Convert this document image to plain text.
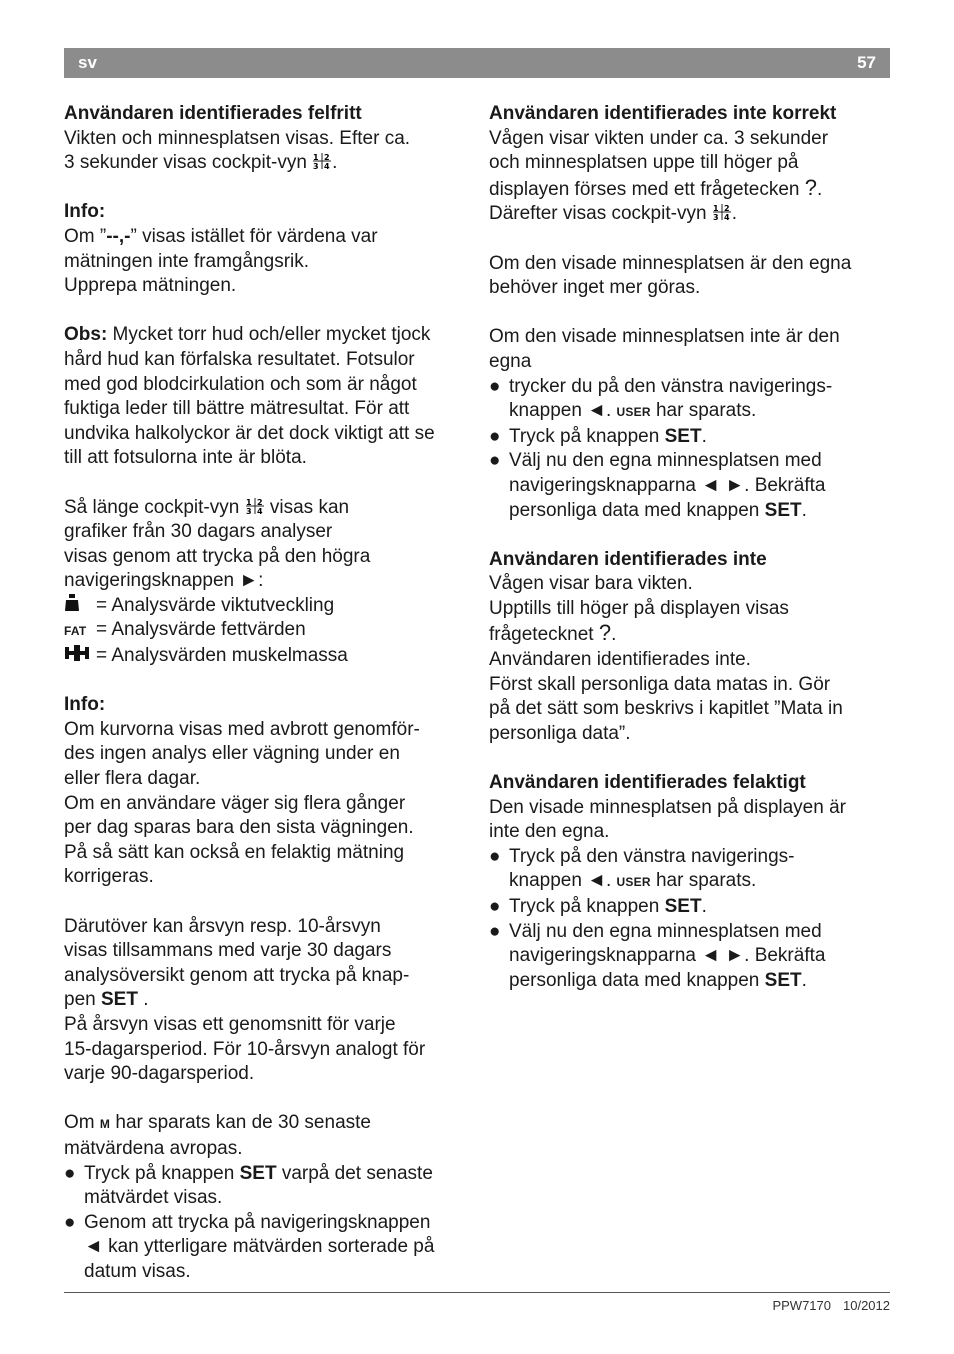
sv	57

Användaren identifierades felfritt

Vikten och minnesplatsen visas. Efter ca.

3 sekunder visas cockpit-vyn 1 2
3 4 .

Info:

Om ”--,-” visas istället för värdena var

mätningen inte framgångsrik.

Upprepa mätningen.

Obs: Mycket torr hud och/eller mycket tjock

hård hud kan förfalska resultatet. Fotsulor

med god blodcirkulation och som är något

fuktiga leder till bättre mätresultat. För att

undvika halkolyckor är det dock viktigt att se

till att fotsulorna inte är blöta.

Så länge cockpit-vyn 1 2
3 4 visas kan

grafiker från 30 dagars analyser

visas genom att trycka på den högra

navigeringsknappen ►:

= Analysvärde viktutveckling

FAT = Analysvärde fettvärden

= Analysvärden muskelmassa

Info:

Om kurvorna visas med avbrott genomför-

des ingen analys eller vägning under en

eller flera dagar.

Om en användare väger sig flera gånger

per dag sparas bara den sista vägningen.

På så sätt kan också en felaktig mätning

korrigeras.

Därutöver kan årsvyn resp. 10-årsvyn

visas tillsammans med varje 30 dagars

analysöversikt genom att trycka på knap-

pen SET .

På årsvyn visas ett genomsnitt för varje

15-dagarsperiod. För 10-årsvyn analogt för

varje 90-dagarsperiod.

Om M har sparats kan de 30 senaste

mätvärdena avropas.

● Tryck på knappen SET varpå det senaste
mätvärdet visas.
● Genom att trycka på navigeringsknappen
◄ kan ytterligare mätvärden sorterade på
datum visas.

Användaren identifierades inte korrekt

Vågen visar vikten under ca. 3 sekunder

och minnesplatsen uppe till höger på

displayen förses med ett frågetecken ?.

Därefter visas cockpit-vyn 1 2
3 4 .

Om den visade minnesplatsen är den egna

behöver inget mer göras.

Om den visade minnesplatsen inte är den

egna

● trycker du på den vänstra navigerings-
knappen ◄. USER har sparats.
● Tryck på knappen SET.
● Välj nu den egna minnesplatsen med
navigeringsknapparna ◄ ►. Bekräfta
personliga data med knappen SET.

Användaren identifierades inte

Vågen visar bara vikten.

Upptills till höger på displayen visas

frågetecknet ?.

Användaren identifierades inte.

Först skall personliga data matas in. Gör

på det sätt som beskrivs i kapitlet ”Mata in

personliga data”.

Användaren identifierades felaktigt

Den visade minnesplatsen på displayen är

inte den egna.

● Tryck på den vänstra navigerings-
knappen ◄. USER har sparats.
● Tryck på knappen SET.
● Välj nu den egna minnesplatsen med
navigeringsknapparna ◄ ►. Bekräfta
personliga data med knappen SET.
PPW7170 10/2012
